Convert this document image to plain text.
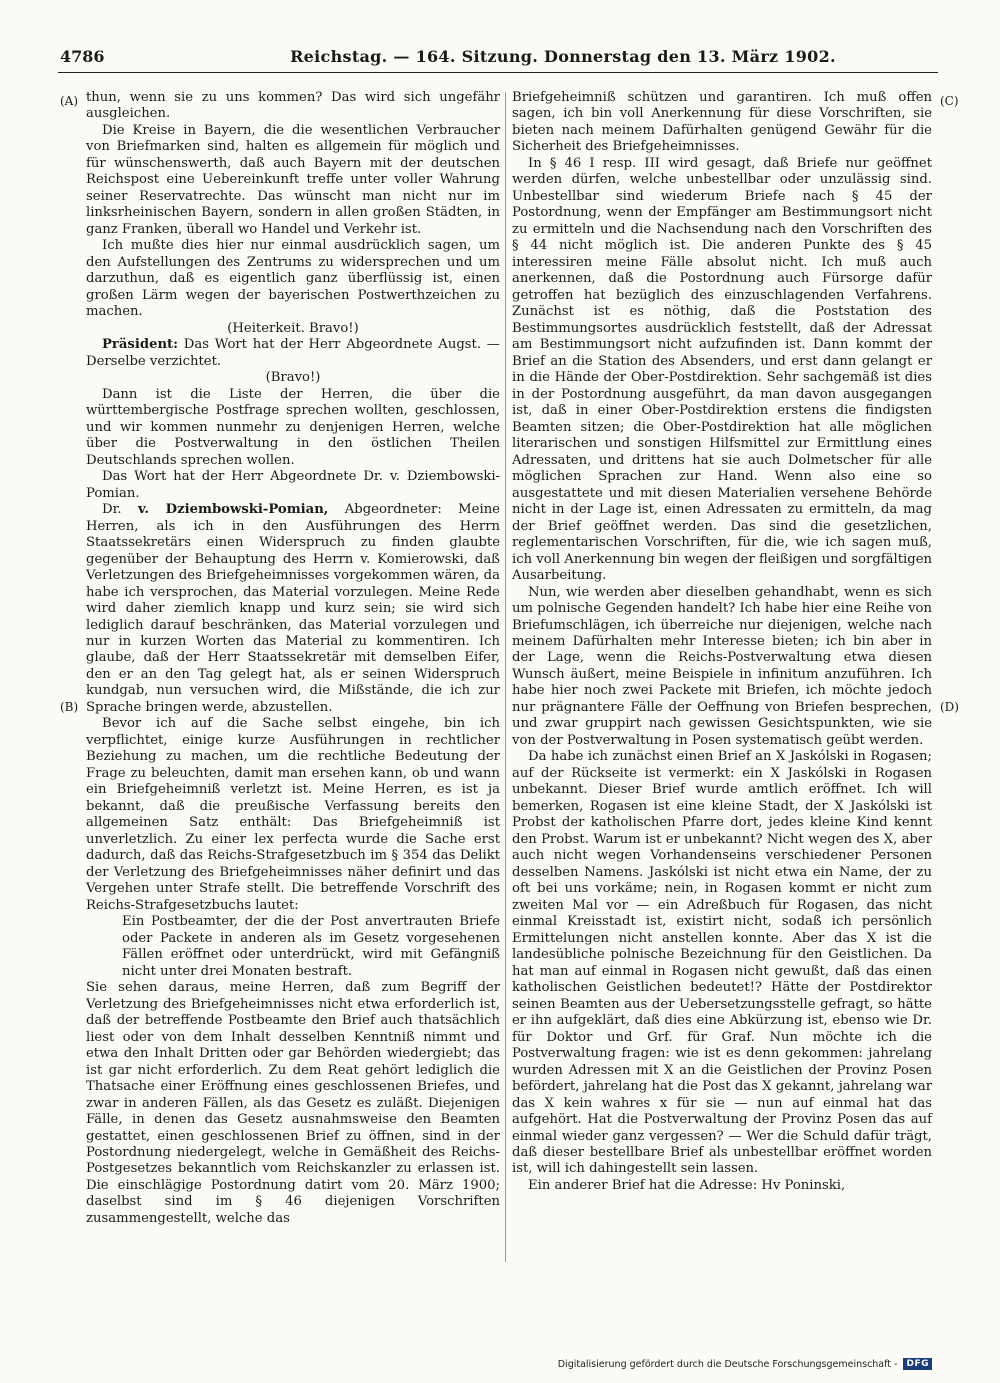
4786	Reichstag. — 164. Sitzung. Donnerstag den 13. März 1902.
(A)
(B)
(C)
(D)

thun, wenn sie zu uns kommen? Das wird sich ungefähr ausgleichen.

Die Kreise in Bayern, die die wesentlichen Verbraucher von Briefmarken sind, halten es allgemein für möglich und für wünschenswerth, daß auch Bayern mit der deutschen Reichspost eine Uebereinkunft treffe unter voller Wahrung seiner Reservatrechte. Das wünscht man nicht nur im linksrheinischen Bayern, sondern in allen großen Städten, in ganz Franken, überall wo Handel und Verkehr ist.

Ich mußte dies hier nur einmal ausdrücklich sagen, um den Aufstellungen des Zentrums zu widersprechen und um darzuthun, daß es eigentlich ganz überflüssig ist, einen großen Lärm wegen der bayerischen Postwerthzeichen zu machen.

(Heiterkeit. Bravo!)

Präsident: Das Wort hat der Herr Abgeordnete Augst. — Derselbe verzichtet.

(Bravo!)

Dann ist die Liste der Herren, die über die württembergische Postfrage sprechen wollten, geschlossen, und wir kommen nunmehr zu denjenigen Herren, welche über die Postverwaltung in den östlichen Theilen Deutschlands sprechen wollen.

Das Wort hat der Herr Abgeordnete Dr. v. Dziembowski-Pomian.

Dr. v. Dziembowski-Pomian, Abgeordneter: Meine Herren, als ich in den Ausführungen des Herrn Staatssekretärs einen Widerspruch zu finden glaubte gegenüber der Behauptung des Herrn v. Komierowski, daß Verletzungen des Briefgeheimnisses vorgekommen wären, da habe ich versprochen, das Material vorzulegen. Meine Rede wird daher ziemlich knapp und kurz sein; sie wird sich lediglich darauf beschränken, das Material vorzulegen und nur in kurzen Worten das Material zu kommentiren. Ich glaube, daß der Herr Staatssekretär mit demselben Eifer, den er an den Tag gelegt hat, als er seinen Widerspruch kundgab, nun versuchen wird, die Mißstände, die ich zur Sprache bringen werde, abzustellen.

Bevor ich auf die Sache selbst eingehe, bin ich verpflichtet, einige kurze Ausführungen in rechtlicher Beziehung zu machen, um die rechtliche Bedeutung der Frage zu beleuchten, damit man ersehen kann, ob und wann ein Briefgeheimniß verletzt ist. Meine Herren, es ist ja bekannt, daß die preußische Verfassung bereits den allgemeinen Satz enthält: Das Briefgeheimniß ist unverletzlich. Zu einer lex perfecta wurde die Sache erst dadurch, daß das Reichs-Strafgesetzbuch im § 354 das Delikt der Verletzung des Briefgeheimnisses näher definirt und das Vergehen unter Strafe stellt. Die betreffende Vorschrift des Reichs-Strafgesetzbuchs lautet:

Ein Postbeamter, der die der Post anvertrauten Briefe oder Packete in anderen als im Gesetz vorgesehenen Fällen eröffnet oder unterdrückt, wird mit Gefängniß nicht unter drei Monaten bestraft.

Sie sehen daraus, meine Herren, daß zum Begriff der Verletzung des Briefgeheimnisses nicht etwa erforderlich ist, daß der betreffende Postbeamte den Brief auch thatsächlich liest oder von dem Inhalt desselben Kenntniß nimmt und etwa den Inhalt Dritten oder gar Behörden wiedergiebt; das ist gar nicht erforderlich. Zu dem Reat gehört lediglich die Thatsache einer Eröffnung eines geschlossenen Briefes, und zwar in anderen Fällen, als das Gesetz es zuläßt. Diejenigen Fälle, in denen das Gesetz ausnahmsweise den Beamten gestattet, einen geschlossenen Brief zu öffnen, sind in der Postordnung niedergelegt, welche in Gemäßheit des Reichs-Postgesetzes bekanntlich vom Reichskanzler zu erlassen ist. Die einschlägige Postordnung datirt vom 20. März 1900; daselbst sind im § 46 diejenigen Vorschriften zusammengestellt, welche das

Briefgeheimniß schützen und garantiren. Ich muß offen sagen, ich bin voll Anerkennung für diese Vorschriften, sie bieten nach meinem Dafürhalten genügend Gewähr für die Sicherheit des Briefgeheimnisses.

In § 46 I resp. III wird gesagt, daß Briefe nur geöffnet werden dürfen, welche unbestellbar oder unzulässig sind. Unbestellbar sind wiederum Briefe nach § 45 der Postordnung, wenn der Empfänger am Bestimmungsort nicht zu ermitteln und die Nachsendung nach den Vorschriften des § 44 nicht möglich ist. Die anderen Punkte des § 45 interessiren meine Fälle absolut nicht. Ich muß auch anerkennen, daß die Postordnung auch Fürsorge dafür getroffen hat bezüglich des einzuschlagenden Verfahrens. Zunächst ist es nöthig, daß die Poststation des Bestimmungsortes ausdrücklich feststellt, daß der Adressat am Bestimmungsort nicht aufzufinden ist. Dann kommt der Brief an die Station des Absenders, und erst dann gelangt er in die Hände der Ober-Postdirektion. Sehr sachgemäß ist dies in der Postordnung ausgeführt, da man davon ausgegangen ist, daß in einer Ober-Postdirektion erstens die findigsten Beamten sitzen; die Ober-Postdirektion hat alle möglichen literarischen und sonstigen Hilfsmittel zur Ermittlung eines Adressaten, und drittens hat sie auch Dolmetscher für alle möglichen Sprachen zur Hand. Wenn also eine so ausgestattete und mit diesen Materialien versehene Behörde nicht in der Lage ist, einen Adressaten zu ermitteln, da mag der Brief geöffnet werden. Das sind die gesetzlichen, reglementarischen Vorschriften, für die, wie ich sagen muß, ich voll Anerkennung bin wegen der fleißigen und sorgfältigen Ausarbeitung.

Nun, wie werden aber dieselben gehandhabt, wenn es sich um polnische Gegenden handelt? Ich habe hier eine Reihe von Briefumschlägen, ich überreiche nur diejenigen, welche nach meinem Dafürhalten mehr Interesse bieten; ich bin aber in der Lage, wenn die Reichs-Postverwaltung etwa diesen Wunsch äußert, meine Beispiele in infinitum anzuführen. Ich habe hier noch zwei Packete mit Briefen, ich möchte jedoch nur prägnantere Fälle der Oeffnung von Briefen besprechen, und zwar gruppirt nach gewissen Gesichtspunkten, wie sie von der Postverwaltung in Posen systematisch geübt werden.

Da habe ich zunächst einen Brief an X Jaskólski in Rogasen; auf der Rückseite ist vermerkt: ein X Jaskólski in Rogasen unbekannt. Dieser Brief wurde amtlich eröffnet. Ich will bemerken, Rogasen ist eine kleine Stadt, der X Jaskólski ist Probst der katholischen Pfarre dort, jedes kleine Kind kennt den Probst. Warum ist er unbekannt? Nicht wegen des X, aber auch nicht wegen Vorhandenseins verschiedener Personen desselben Namens. Jaskólski ist nicht etwa ein Name, der zu oft bei uns vorkäme; nein, in Rogasen kommt er nicht zum zweiten Mal vor — ein Adreßbuch für Rogasen, das nicht einmal Kreisstadt ist, existirt nicht, sodaß ich persönlich Ermittelungen nicht anstellen konnte. Aber das X ist die landesübliche polnische Bezeichnung für den Geistlichen. Da hat man auf einmal in Rogasen nicht gewußt, daß das einen katholischen Geistlichen bedeutet!? Hätte der Postdirektor seinen Beamten aus der Uebersetzungsstelle gefragt, so hätte er ihn aufgeklärt, daß dies eine Abkürzung ist, ebenso wie Dr. für Doktor und Grf. für Graf. Nun möchte ich die Postverwaltung fragen: wie ist es denn gekommen: jahrelang wurden Adressen mit X an die Geistlichen der Provinz Posen befördert, jahrelang hat die Post das X gekannt, jahrelang war das X kein wahres x für sie — nun auf einmal hat das aufgehört. Hat die Postverwaltung der Provinz Posen das auf einmal wieder ganz vergessen? — Wer die Schuld dafür trägt, daß dieser bestellbare Brief als unbestellbar eröffnet worden ist, will ich dahingestellt sein lassen.

Ein anderer Brief hat die Adresse: Hv Poninski,

Digitalisierung gefördert durch die Deutsche Forschungsgemeinschaft -	DFG
